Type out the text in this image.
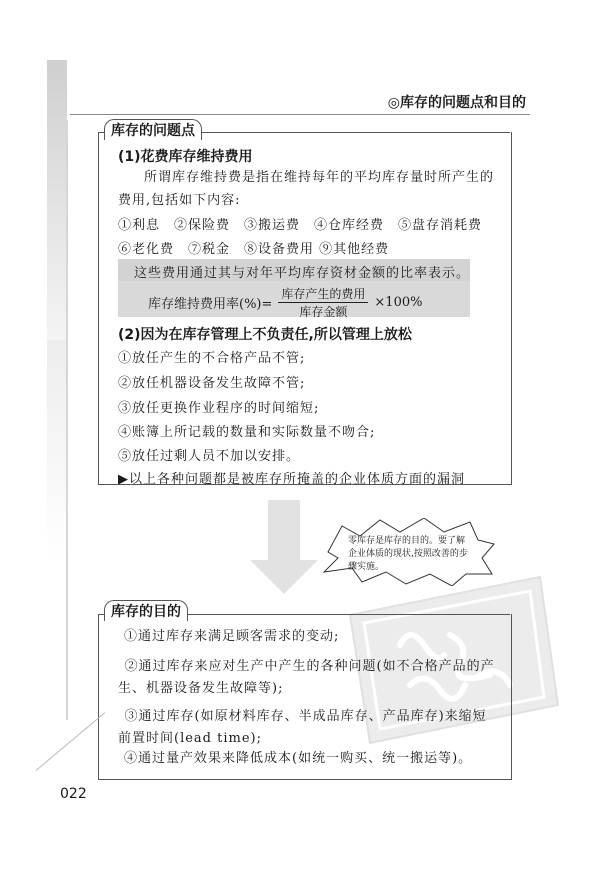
◎库存的问题点和目的
库存的问题点
(1)花费库存维持费用
所谓库存维持费是指在维持每年的平均库存量时所产生的费用,包括如下内容:
①利息　②保险费　③搬运费　④仓库经费　⑤盘存消耗费
⑥老化费　⑦税金　⑧设备费用 ⑨其他经费
这些费用通过其与对年平均库存资材金额的比率表示。
库存维持费用率(%)= $\frac{\text{库存产生的费用}}{\text{库存金额}} \times 100\%$
(2)因为在库存管理上不负责任,所以管理上放松
①放任产生的不合格产品不管;
②放任机器设备发生故障不管;
③放任更换作业程序的时间缩短;
④账簿上所记载的数量和实际数量不吻合;
⑤放任过剩人员不加以安排。
▶以上各种问题都是被库存所掩盖的企业体质方面的漏洞
零库存是库存的目的。要了解企业体质的现状,按照改善的步骤实施。
库存的目的
①通过库存来满足顾客需求的变动;
②通过库存来应对生产中产生的各种问题(如不合格产品的产生、机器设备发生故障等);
③通过库存(如原材料库存、半成品库存、产品库存)来缩短前置时间(lead time);
④通过量产效果来降低成本(如统一购买、统一搬运等)。
022
